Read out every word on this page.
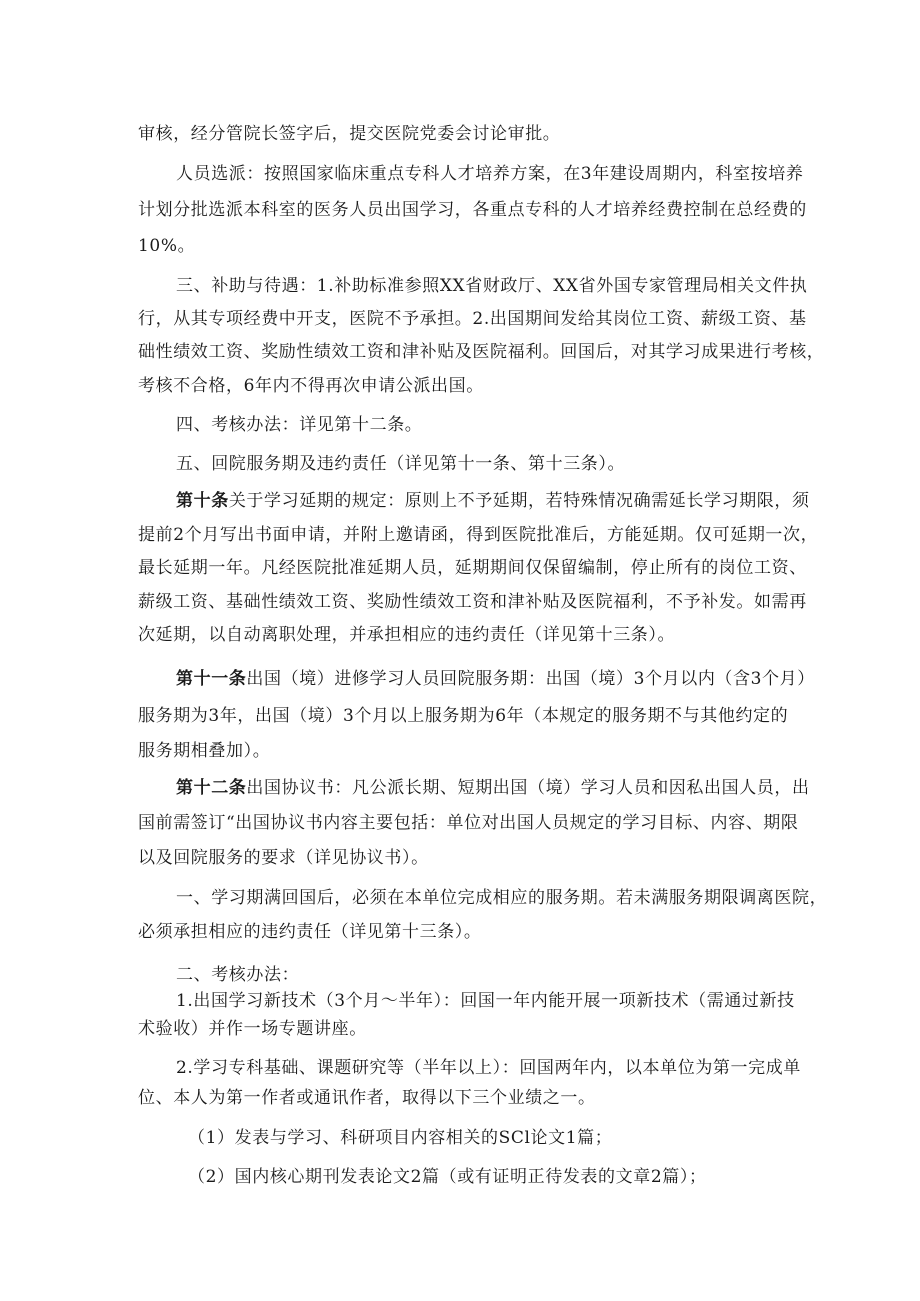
审核，经分管院长签字后，提交医院党委会讨论审批。
人员选派：按照国家临床重点专科人才培养方案，在3年建设周期内，科室按培养
计划分批选派本科室的医务人员出国学习，各重点专科的人才培养经费控制在总经费的
10%。
三、补助与待遇：1.补助标准参照XX省财政厅、XX省外国专家管理局相关文件执
行，从其专项经费中开支，医院不予承担。2.出国期间发给其岗位工资、薪级工资、基
础性绩效工资、奖励性绩效工资和津补贴及医院福利。回国后，对其学习成果进行考核，
考核不合格，6年内不得再次申请公派出国。
四、考核办法：详见第十二条。
五、回院服务期及违约责任（详见第十一条、第十三条）。
第十条关于学习延期的规定：原则上不予延期，若特殊情况确需延长学习期限，须
提前2个月写出书面申请，并附上邀请函，得到医院批准后，方能延期。仅可延期一次，
最长延期一年。凡经医院批准延期人员，延期期间仅保留编制，停止所有的岗位工资、
薪级工资、基础性绩效工资、奖励性绩效工资和津补贴及医院福利，不予补发。如需再
次延期，以自动离职处理，并承担相应的违约责任（详见第十三条）。
第十一条出国（境）进修学习人员回院服务期：出国（境）3个月以内（含3个月）
服务期为3年，出国（境）3个月以上服务期为6年（本规定的服务期不与其他约定的
服务期相叠加）。
第十二条出国协议书：凡公派长期、短期出国（境）学习人员和因私出国人员，出
国前需签订“出国协议书内容主要包括：单位对出国人员规定的学习目标、内容、期限
以及回院服务的要求（详见协议书）。
一、学习期满回国后，必须在本单位完成相应的服务期。若未满服务期限调离医院，
必须承担相应的违约责任（详见第十三条）。
二、考核办法：
1.出国学习新技术（3个月～半年）：回国一年内能开展一项新技术（需通过新技
术验收）并作一场专题讲座。
2.学习专科基础、课题研究等（半年以上）：回国两年内，以本单位为第一完成单
位、本人为第一作者或通讯作者，取得以下三个业绩之一。
（1）发表与学习、科研项目内容相关的SCl论文1篇；
（2）国内核心期刊发表论文2篇（或有证明正待发表的文章2篇）；
